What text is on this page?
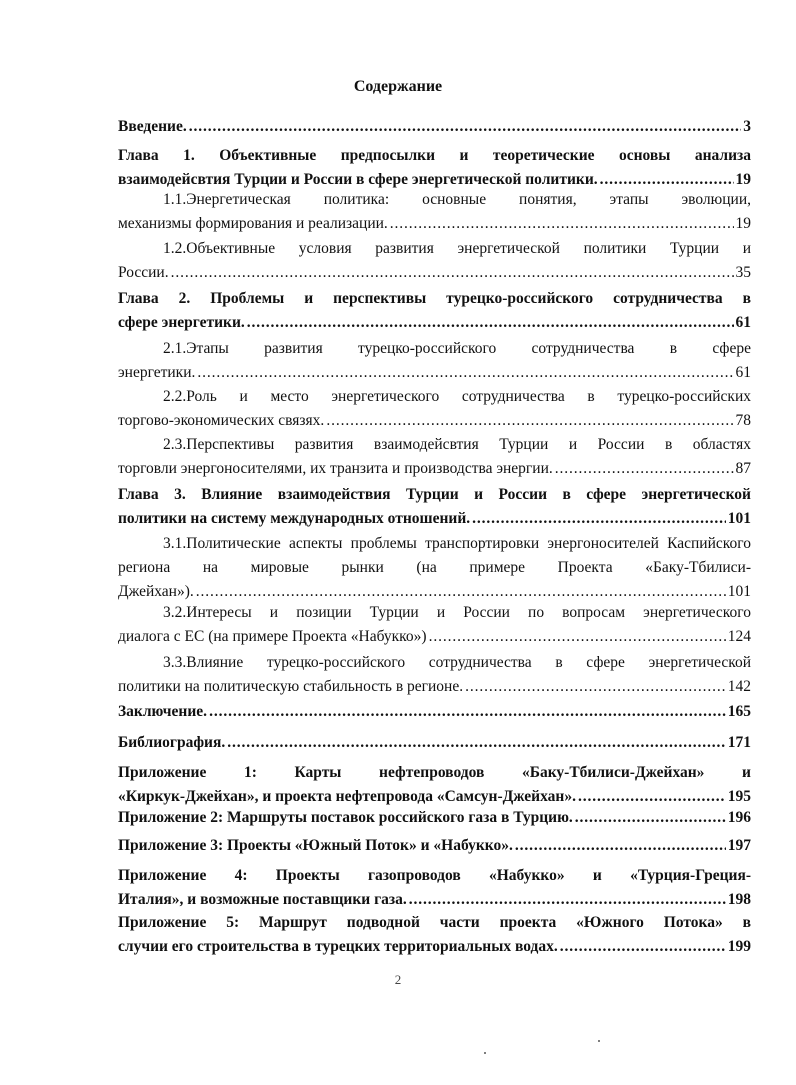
Содержание
Введение. . . .	3
Глава 1. Объективные предпосылки и теоретические основы анализа
взаимодейсвтия Турции и России в сфере энергетической политики. . . .	19
1.1.Энергетическая политика: основные понятия, этапы эволюции,
механизмы формирования и реализации. . . .	19
1.2.Объективные условия развития энергетической политики Турции и
России. . . .	35
Глава 2. Проблемы и перспективы турецко-российского сотрудничества в
сфере энергетики. . . .	61
2.1.Этапы развития турецко-российского сотрудничества в сфере
энергетики. . . .	61
2.2.Роль и место энергетического сотрудничества в турецко-российских
торгово-экономических связях. . . .	78
2.3.Перспективы развития взаимодейсвтия Турции и России в областях
торговли энергоносителями, их транзита и производства энергии. . . .	87
Глава 3. Влияние взаимодействия Турции и России в сфере энергетической
политики на систему международных отношений. . . .	101
3.1.Политические аспекты проблемы транспортировки энергоносителей Каспийского региона на мировые рынки (на примере Проекта «Баку-Тбилиси-
Джейхан»). . . .	101
3.2.Интересы и позиции Турции и России по вопросам энергетического
диалога с ЕС (на примере Проекта «Набукко») . . .	124
3.3.Влияние турецко-российского сотрудничества в сфере энергетической
политики на политическую стабильность в регионе. . . .	142
Заключение. . . .	165
Библиография. . . .	171
Приложение 1: Карты нефтепроводов «Баку-Тбилиси-Джейхан» и
«Киркук-Джейхан», и проекта нефтепровода «Самсун-Джейхан». . . .	195
Приложение 2: Маршруты поставок российского газа в Турцию. . . .	196
Приложение 3: Проекты «Южный Поток» и «Набукко». . . .	197
Приложение 4: Проекты газопроводов «Набукко» и «Турция-Греция-
Италия», и возможные поставщики газа. . . .	198
Приложение 5: Маршрут подводной части проекта «Южного Потока» в
случии его строительства в турецких территориальных водах. . . .	199
2
